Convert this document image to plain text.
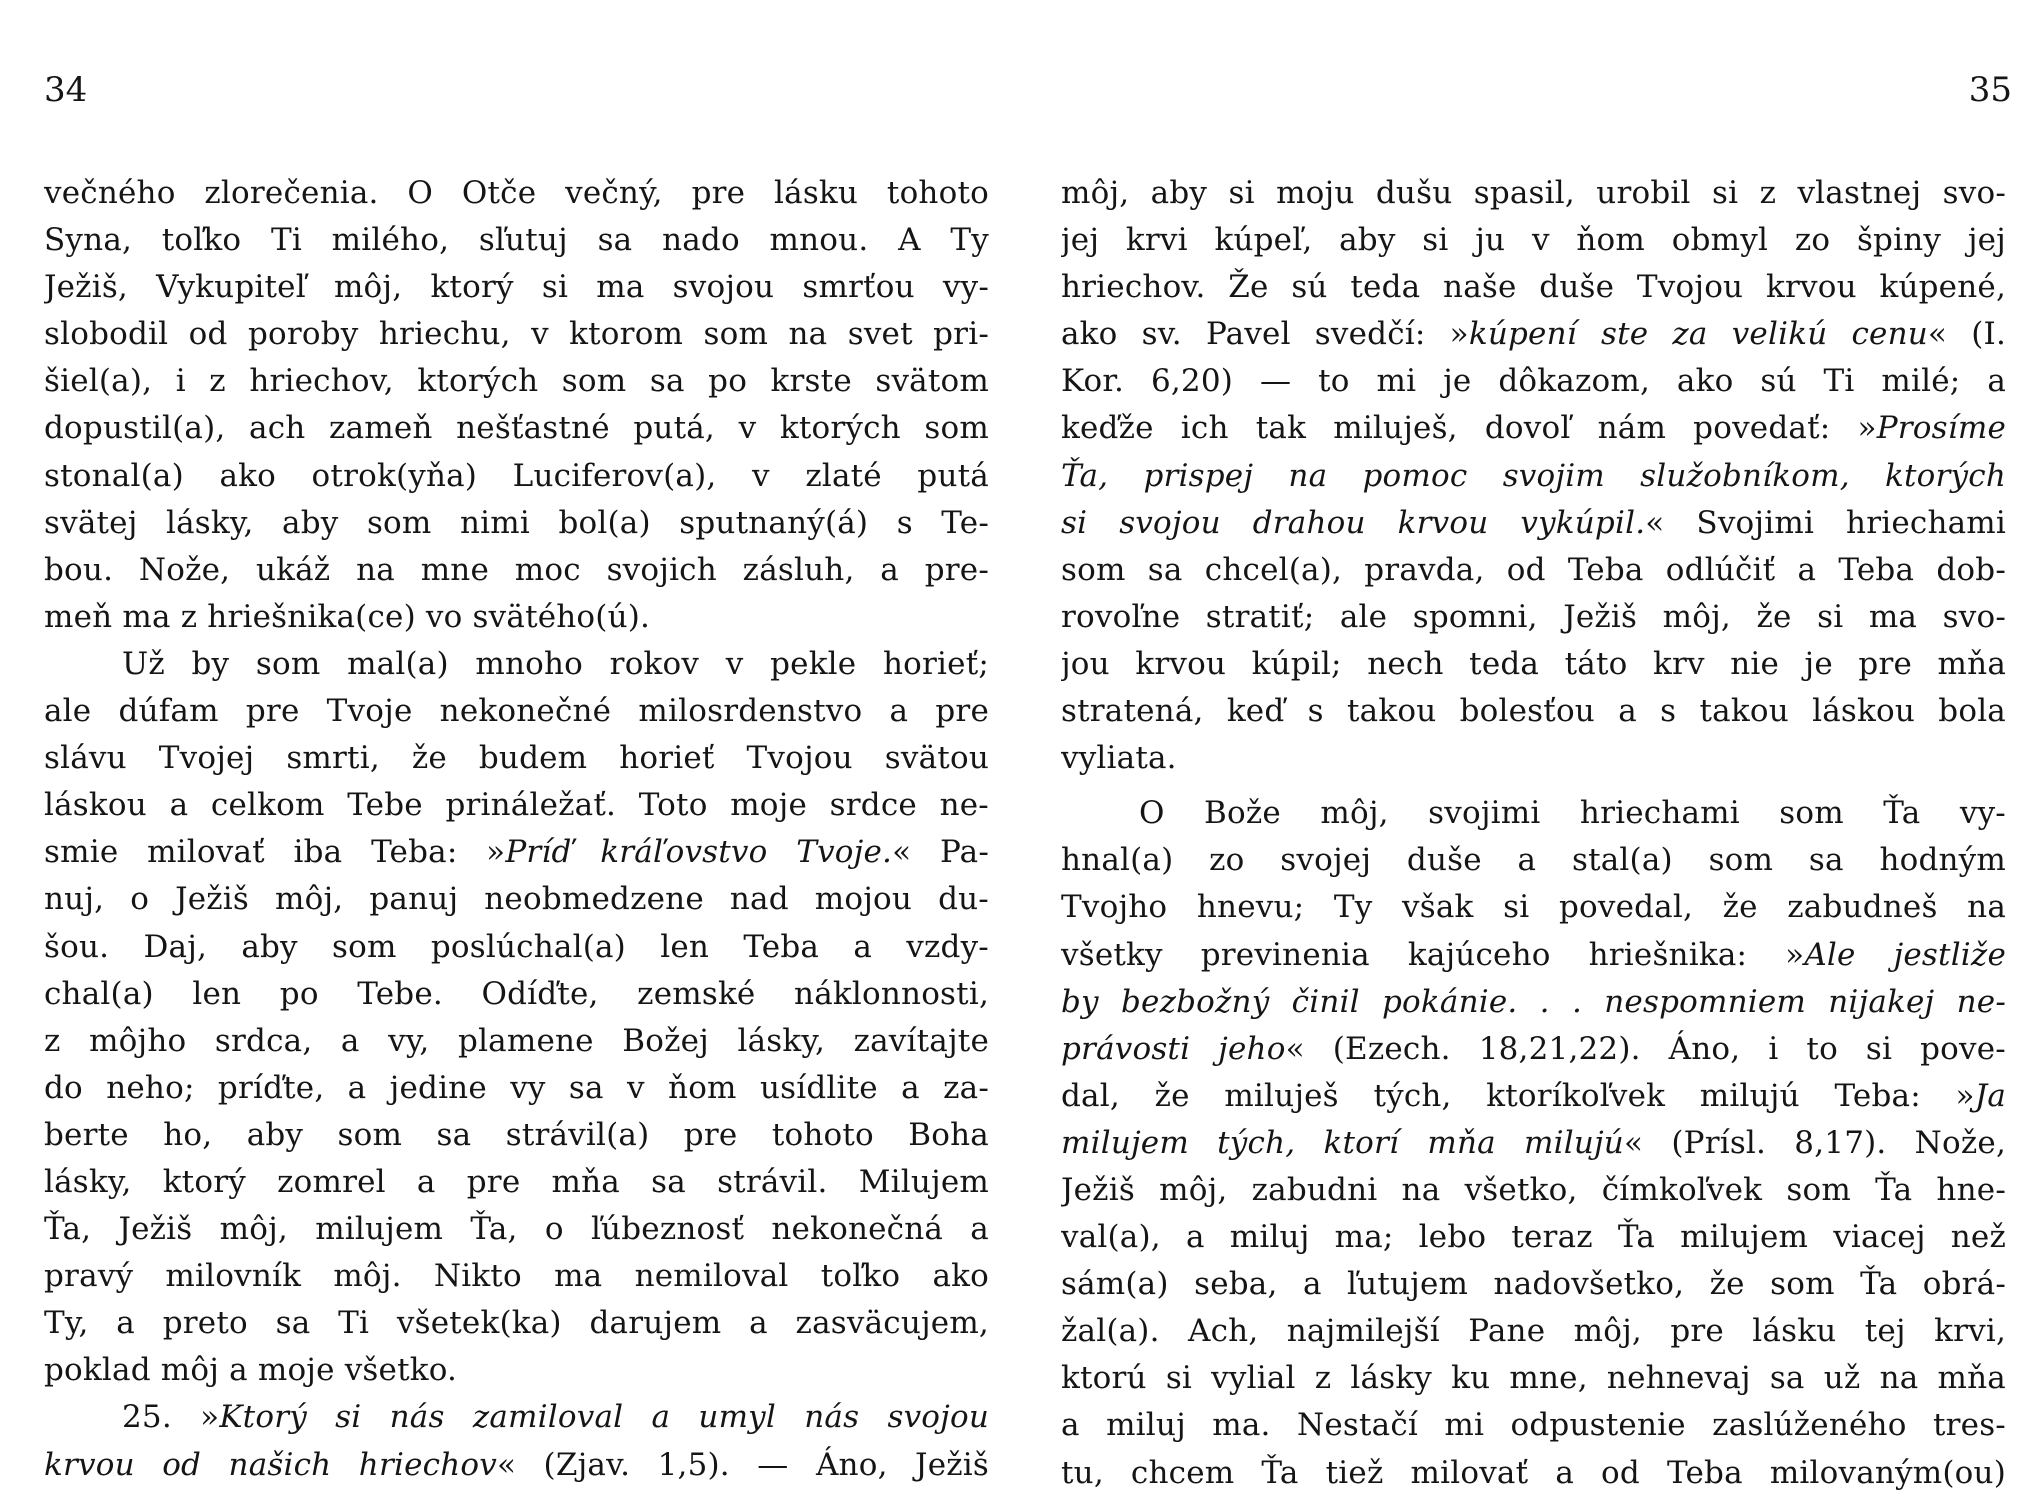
34
večného zlorečenia. O Otče večný, pre lásku tohoto
Syna, toľko Ti milého, sľutuj sa nado mnou. A Ty
Ježiš, Vykupiteľ môj, ktorý si ma svojou smrťou vy-
slobodil od poroby hriechu, v ktorom som na svet pri-
šiel(a), i z hriechov, ktorých som sa po krste svätom
dopustil(a), ach zameň nešťastné putá, v ktorých som
stonal(a) ako otrok(yňa) Luciferov(a), v zlaté putá
svätej lásky, aby som nimi bol(a) sputnaný(á) s Te-
bou. Nože, ukáž na mne moc svojich zásluh, a pre-
meň ma z hriešnika(ce) vo svätého(ú).
Už by som mal(a) mnoho rokov v pekle horieť;
ale dúfam pre Tvoje nekonečné milosrdenstvo a pre
slávu Tvojej smrti, že budem horieť Tvojou svätou
láskou a celkom Tebe prináležať. Toto moje srdce ne-
smie milovať iba Teba: »Príď kráľovstvo Tvoje.« Pa-
nuj, o Ježiš môj, panuj neobmedzene nad mojou du-
šou. Daj, aby som poslúchal(a) len Teba a vzdy-
chal(a) len po Tebe. Odíďte, zemské náklonnosti,
z môjho srdca, a vy, plamene Božej lásky, zavítajte
do neho; príďte, a jedine vy sa v ňom usídlite a za-
berte ho, aby som sa strávil(a) pre tohoto Boha
lásky, ktorý zomrel a pre mňa sa strávil. Milujem
Ťa, Ježiš môj, milujem Ťa, o ľúbeznosť nekonečná a
pravý milovník môj. Nikto ma nemiloval toľko ako
Ty, a preto sa Ti všetek(ka) darujem a zasväcujem,
poklad môj a moje všetko.
25. »Ktorý si nás zamiloval a umyl nás svojou
krvou od našich hriechov« (Zjav. 1,5). — Áno, Ježiš
35
môj, aby si moju dušu spasil, urobil si z vlastnej svo-
jej krvi kúpeľ, aby si ju v ňom obmyl zo špiny jej
hriechov. Že sú teda naše duše Tvojou krvou kúpené,
ako sv. Pavel svedčí: »kúpení ste za velikú cenu« (I.
Kor. 6,20) — to mi je dôkazom, ako sú Ti milé; a
keďže ich tak miluješ, dovoľ nám povedať: »Prosíme
Ťa, prispej na pomoc svojim služobníkom, ktorých
si svojou drahou krvou vykúpil.« Svojimi hriechami
som sa chcel(a), pravda, od Teba odlúčiť a Teba dob-
rovoľne stratiť; ale spomni, Ježiš môj, že si ma svo-
jou krvou kúpil; nech teda táto krv nie je pre mňa
stratená, keď s takou bolesťou a s takou láskou bola
vyliata.
O Bože môj, svojimi hriechami som Ťa vy-
hnal(a) zo svojej duše a stal(a) som sa hodným
Tvojho hnevu; Ty však si povedal, že zabudneš na
všetky previnenia kajúceho hriešnika: »Ale jestliže
by bezbožný činil pokánie. . . nespomniem nijakej ne-
právosti jeho« (Ezech. 18,21,22). Áno, i to si pove-
dal, že miluješ tých, ktoríkoľvek milujú Teba: »Ja
milujem tých, ktorí mňa milujú« (Prísl. 8,17). Nože,
Ježiš môj, zabudni na všetko, čímkoľvek som Ťa hne-
val(a), a miluj ma; lebo teraz Ťa milujem viacej než
sám(a) seba, a ľutujem nadovšetko, že som Ťa obrá-
žal(a). Ach, najmilejší Pane môj, pre lásku tej krvi,
ktorú si vylial z lásky ku mne, nehnevaj sa už na mňa
a miluj ma. Nestačí mi odpustenie zaslúženého tres-
tu, chcem Ťa tiež milovať a od Teba milovaným(ou)
